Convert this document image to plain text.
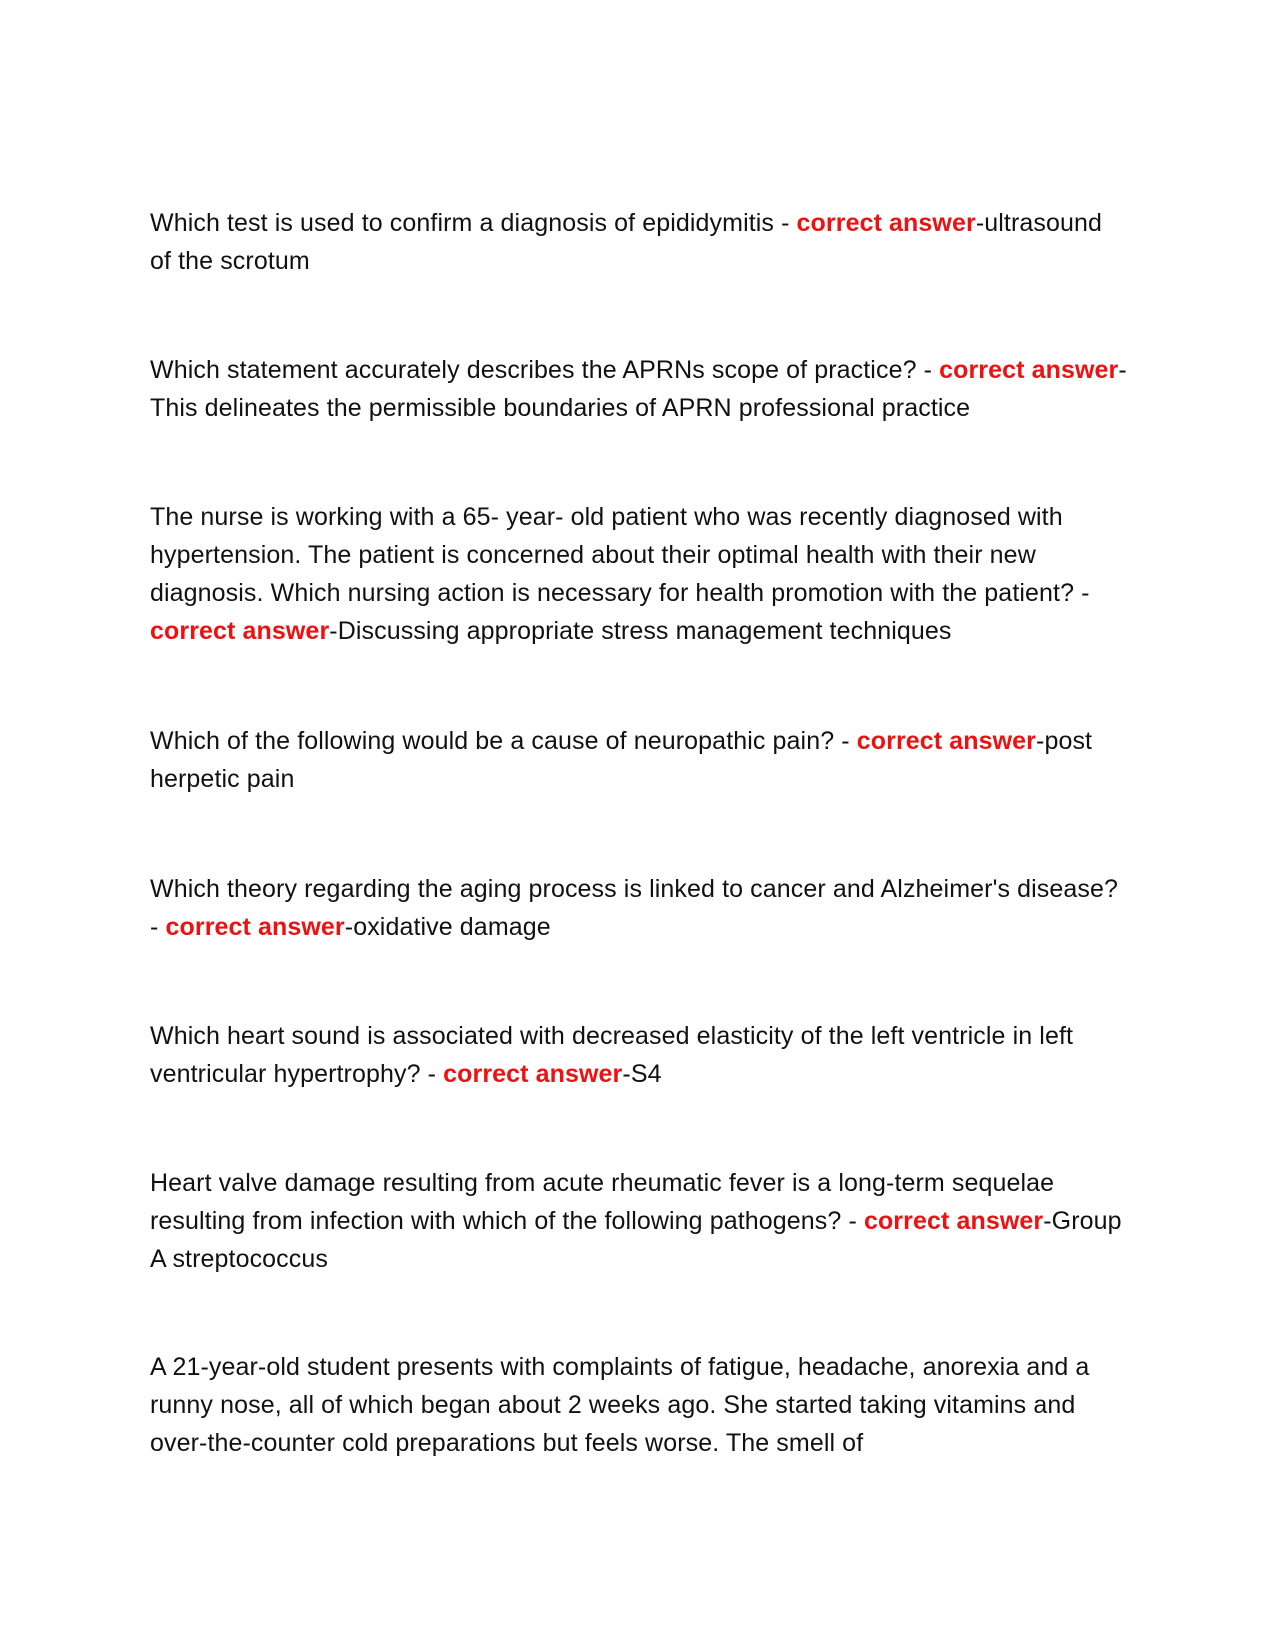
Which test is used to confirm a diagnosis of epididymitis - correct answer-ultrasound of the scrotum

Which statement accurately describes the APRNs scope of practice? - correct answer-This delineates the permissible boundaries of APRN professional practice

The nurse is working with a 65- year- old patient who was recently diagnosed with hypertension. The patient is concerned about their optimal health with their new diagnosis. Which nursing action is necessary for health promotion with the patient? - correct answer-Discussing appropriate stress management techniques

Which of the following would be a cause of neuropathic pain? - correct answer-post herpetic pain

Which theory regarding the aging process is linked to cancer and Alzheimer's disease? - correct answer-oxidative damage

Which heart sound is associated with decreased elasticity of the left ventricle in left ventricular hypertrophy? - correct answer-S4

Heart valve damage resulting from acute rheumatic fever is a long-term sequelae resulting from infection with which of the following pathogens? - correct answer-Group A streptococcus

A 21-year-old student presents with complaints of fatigue, headache, anorexia and a runny nose, all of which began about 2 weeks ago. She started taking vitamins and over-the-counter cold preparations but feels worse. The smell of
